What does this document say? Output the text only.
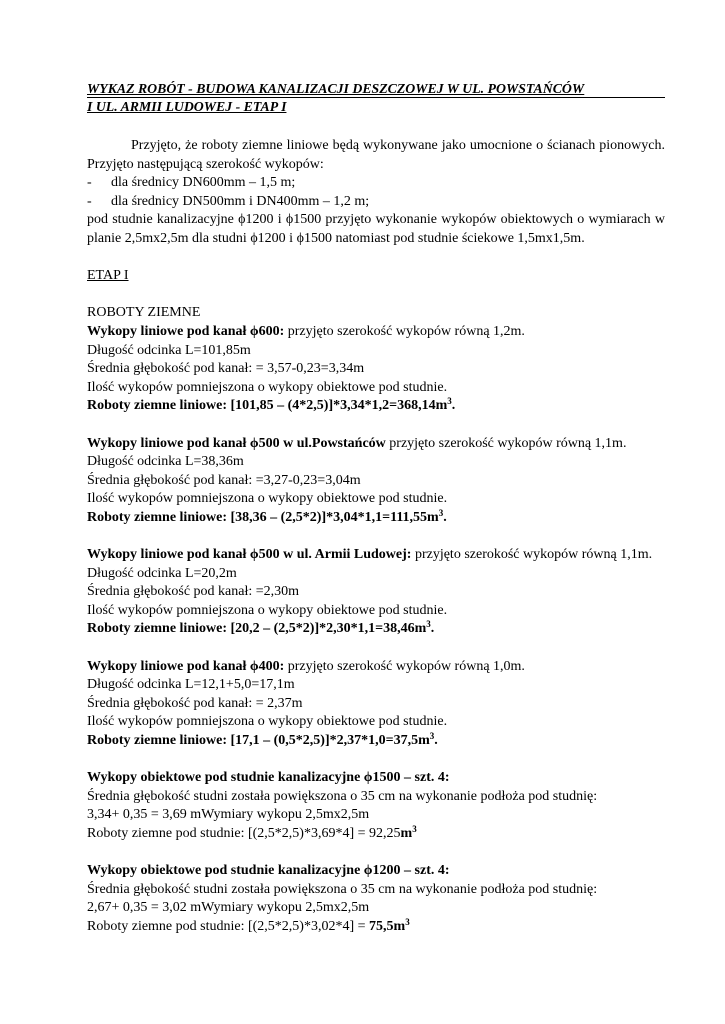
WYKAZ ROBÓT - BUDOWA KANALIZACJI DESZCZOWEJ W UL. POWSTAŃCÓW
I UL. ARMII LUDOWEJ - ETAP I

Przyjęto, że roboty ziemne liniowe będą wykonywane jako umocnione o ścianach pionowych. Przyjęto następującą szerokość wykopów:

-	dla średnicy DN600mm – 1,5 m;
-	dla średnicy DN500mm i DN400mm – 1,2 m;

pod studnie kanalizacyjne ϕ1200 i ϕ1500 przyjęto wykonanie wykopów obiektowych o wymiarach w planie 2,5mx2,5m dla studni ϕ1200 i ϕ1500 natomiast pod studnie ściekowe 1,5mx1,5m.

ETAP I

ROBOTY ZIEMNE

Wykopy liniowe pod kanał ϕ600: przyjęto szerokość wykopów równą 1,2m.

Długość odcinka L=101,85m

Średnia głębokość pod kanał: = 3,57-0,23=3,34m

Ilość wykopów pomniejszona o wykopy obiektowe pod studnie.

Roboty ziemne liniowe: $[101,85 - (4*2,5)]*3,34*1,2=368,14m^3$.

Wykopy liniowe pod kanał ϕ500 w ul.Powstańców przyjęto szerokość wykopów równą 1,1m.

Długość odcinka L=38,36m

Średnia głębokość pod kanał: =3,27-0,23=3,04m

Ilość wykopów pomniejszona o wykopy obiektowe pod studnie.

Roboty ziemne liniowe: $[38,36 - (2,5*2)]*3,04*1,1=111,55m^3$.

Wykopy liniowe pod kanał ϕ500 w ul. Armii Ludowej: przyjęto szerokość wykopów równą 1,1m.

Długość odcinka L=20,2m

Średnia głębokość pod kanał: =2,30m

Ilość wykopów pomniejszona o wykopy obiektowe pod studnie.

Roboty ziemne liniowe: $[20,2 - (2,5*2)]*2,30*1,1=38,46m^3$.

Wykopy liniowe pod kanał ϕ400: przyjęto szerokość wykopów równą 1,0m.

Długość odcinka L=12,1+5,0=17,1m

Średnia głębokość pod kanał: = 2,37m

Ilość wykopów pomniejszona o wykopy obiektowe pod studnie.

Roboty ziemne liniowe: $[17,1 - (0,5*2,5)]*2,37*1,0=37,5m^3$.

Wykopy obiektowe pod studnie kanalizacyjne ϕ1500 – szt. 4:

Średnia głębokość studni została powiększona o 35 cm na wykonanie podłoża pod studnię:

3,34+ 0,35 = 3,69 mWymiary wykopu 2,5mx2,5m

Roboty ziemne pod studnie: $[(2,5*2,5)*3,69*4] = 92,25m^3$

Wykopy obiektowe pod studnie kanalizacyjne ϕ1200 – szt. 4:

Średnia głębokość studni została powiększona o 35 cm na wykonanie podłoża pod studnię:

2,67+ 0,35 = 3,02 mWymiary wykopu 2,5mx2,5m

Roboty ziemne pod studnie: $[(2,5*2,5)*3,02*4] = 75,5m^3$
